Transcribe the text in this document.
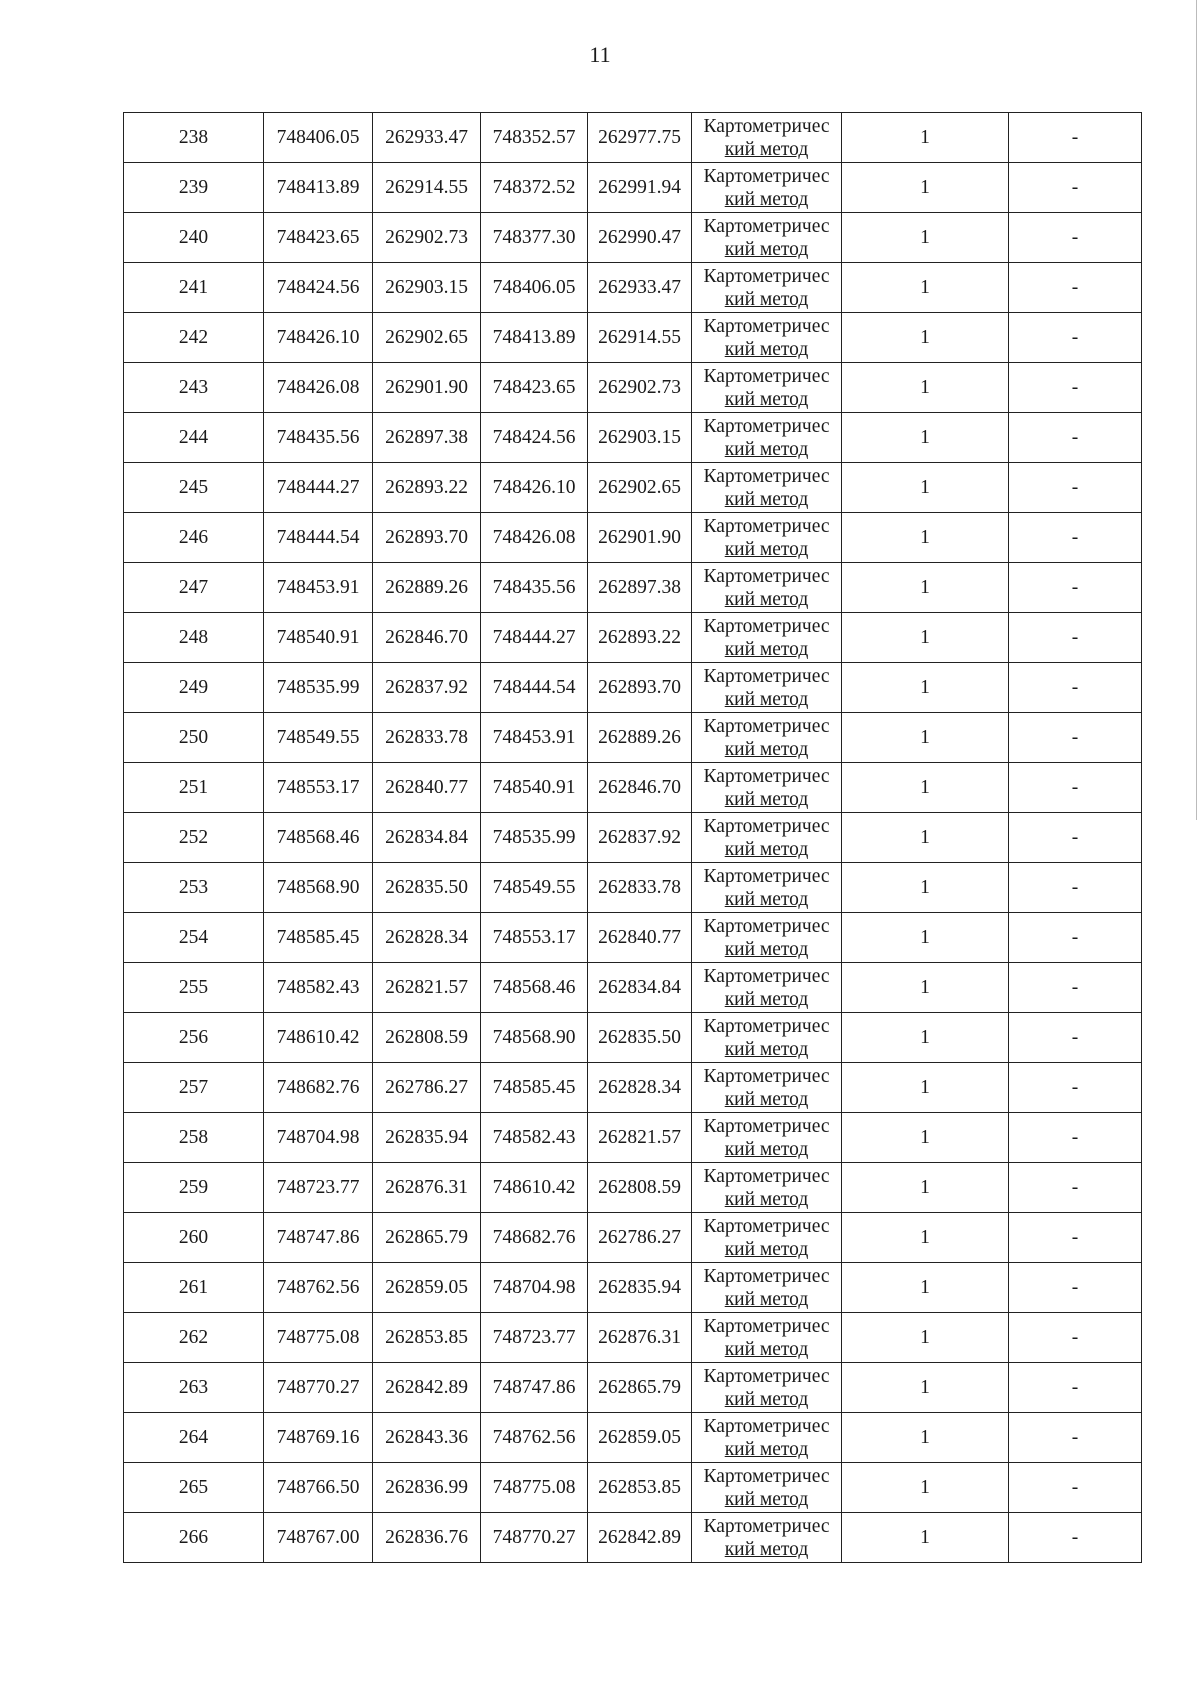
11
238	748406.05	262933.47	748352.57	262977.75	Картометричес
кий метод	1	-
239	748413.89	262914.55	748372.52	262991.94	Картометричес
кий метод	1	-
240	748423.65	262902.73	748377.30	262990.47	Картометричес
кий метод	1	-
241	748424.56	262903.15	748406.05	262933.47	Картометричес
кий метод	1	-
242	748426.10	262902.65	748413.89	262914.55	Картометричес
кий метод	1	-
243	748426.08	262901.90	748423.65	262902.73	Картометричес
кий метод	1	-
244	748435.56	262897.38	748424.56	262903.15	Картометричес
кий метод	1	-
245	748444.27	262893.22	748426.10	262902.65	Картометричес
кий метод	1	-
246	748444.54	262893.70	748426.08	262901.90	Картометричес
кий метод	1	-
247	748453.91	262889.26	748435.56	262897.38	Картометричес
кий метод	1	-
248	748540.91	262846.70	748444.27	262893.22	Картометричес
кий метод	1	-
249	748535.99	262837.92	748444.54	262893.70	Картометричес
кий метод	1	-
250	748549.55	262833.78	748453.91	262889.26	Картометричес
кий метод	1	-
251	748553.17	262840.77	748540.91	262846.70	Картометричес
кий метод	1	-
252	748568.46	262834.84	748535.99	262837.92	Картометричес
кий метод	1	-
253	748568.90	262835.50	748549.55	262833.78	Картометричес
кий метод	1	-
254	748585.45	262828.34	748553.17	262840.77	Картометричес
кий метод	1	-
255	748582.43	262821.57	748568.46	262834.84	Картометричес
кий метод	1	-
256	748610.42	262808.59	748568.90	262835.50	Картометричес
кий метод	1	-
257	748682.76	262786.27	748585.45	262828.34	Картометричес
кий метод	1	-
258	748704.98	262835.94	748582.43	262821.57	Картометричес
кий метод	1	-
259	748723.77	262876.31	748610.42	262808.59	Картометричес
кий метод	1	-
260	748747.86	262865.79	748682.76	262786.27	Картометричес
кий метод	1	-
261	748762.56	262859.05	748704.98	262835.94	Картометричес
кий метод	1	-
262	748775.08	262853.85	748723.77	262876.31	Картометричес
кий метод	1	-
263	748770.27	262842.89	748747.86	262865.79	Картометричес
кий метод	1	-
264	748769.16	262843.36	748762.56	262859.05	Картометричес
кий метод	1	-
265	748766.50	262836.99	748775.08	262853.85	Картометричес
кий метод	1	-
266	748767.00	262836.76	748770.27	262842.89	Картометричес
кий метод	1	-
